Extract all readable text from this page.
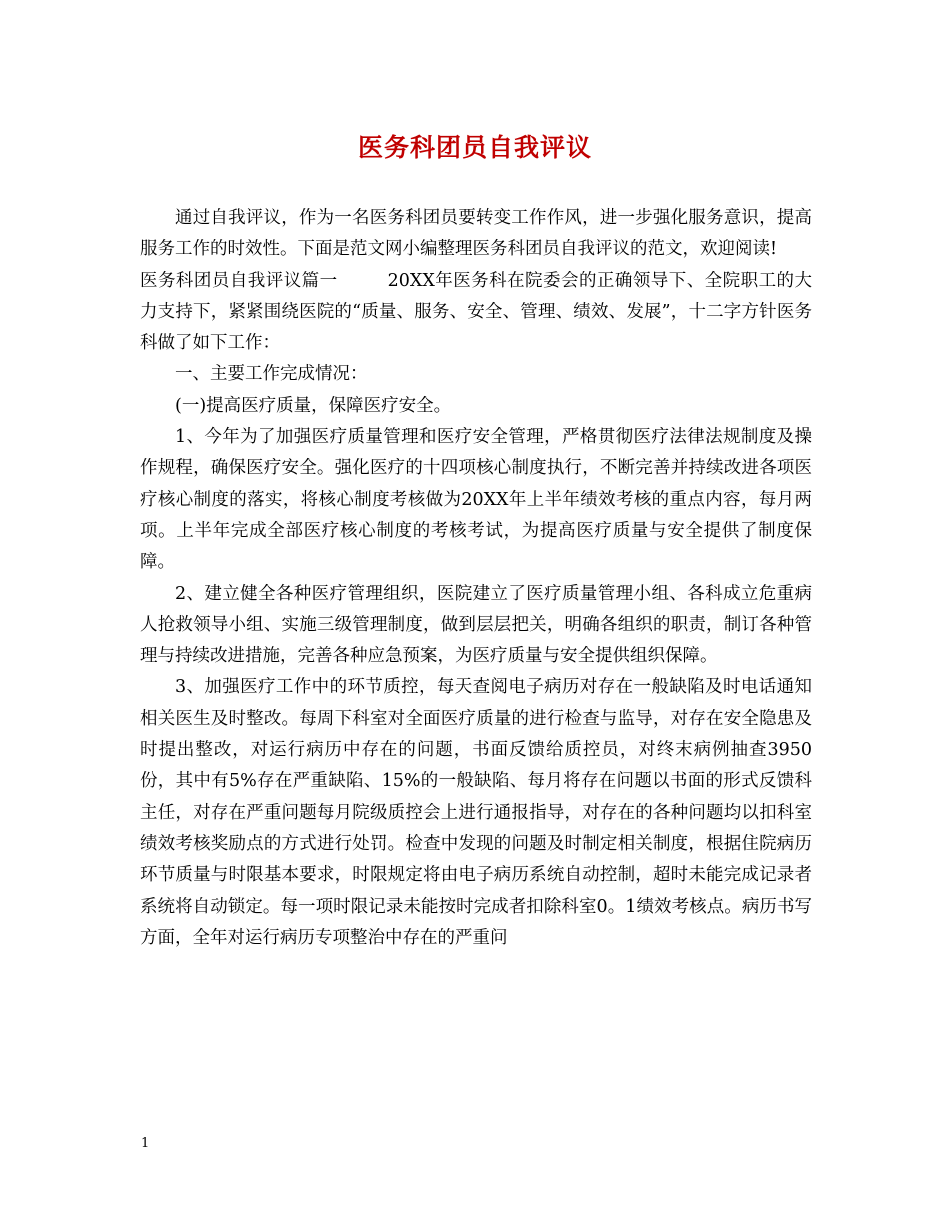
医务科团员自我评议

通过自我评议，作为一名医务科团员要转变工作作风，进一步强化服务意识，提高服务工作的时效性。下面是范文网小编整理医务科团员自我评议的范文，欢迎阅读!

医务科团员自我评议篇一	20XX年医务科在院委会的正确领导下、全院职工的大力支持下，紧紧围绕医院的“质量、服务、安全、管理、绩效、发展”，十二字方针医务科做了如下工作：

一、主要工作完成情况：

(一)提高医疗质量，保障医疗安全。

1、今年为了加强医疗质量管理和医疗安全管理，严格贯彻医疗法律法规制度及操作规程，确保医疗安全。强化医疗的十四项核心制度执行，不断完善并持续改进各项医疗核心制度的落实，将核心制度考核做为20XX年上半年绩效考核的重点内容，每月两项。上半年完成全部医疗核心制度的考核考试，为提高医疗质量与安全提供了制度保障。

2、建立健全各种医疗管理组织，医院建立了医疗质量管理小组、各科成立危重病人抢救领导小组、实施三级管理制度，做到层层把关，明确各组织的职责，制订各种管理与持续改进措施，完善各种应急预案，为医疗质量与安全提供组织保障。

3、加强医疗工作中的环节质控，每天查阅电子病历对存在一般缺陷及时电话通知相关医生及时整改。每周下科室对全面医疗质量的进行检查与监导，对存在安全隐患及时提出整改，对运行病历中存在的问题，书面反馈给质控员，对终末病例抽查3950份，其中有5%存在严重缺陷、15%的一般缺陷、每月将存在问题以书面的形式反馈科主任，对存在严重问题每月院级质控会上进行通报指导，对存在的各种问题均以扣科室绩效考核奖励点的方式进行处罚。检查中发现的问题及时制定相关制度，根据住院病历环节质量与时限基本要求，时限规定将由电子病历系统自动控制，超时未能完成记录者系统将自动锁定。每一项时限记录未能按时完成者扣除科室0。1绩效考核点。病历书写方面，全年对运行病历专项整治中存在的严重问

1
